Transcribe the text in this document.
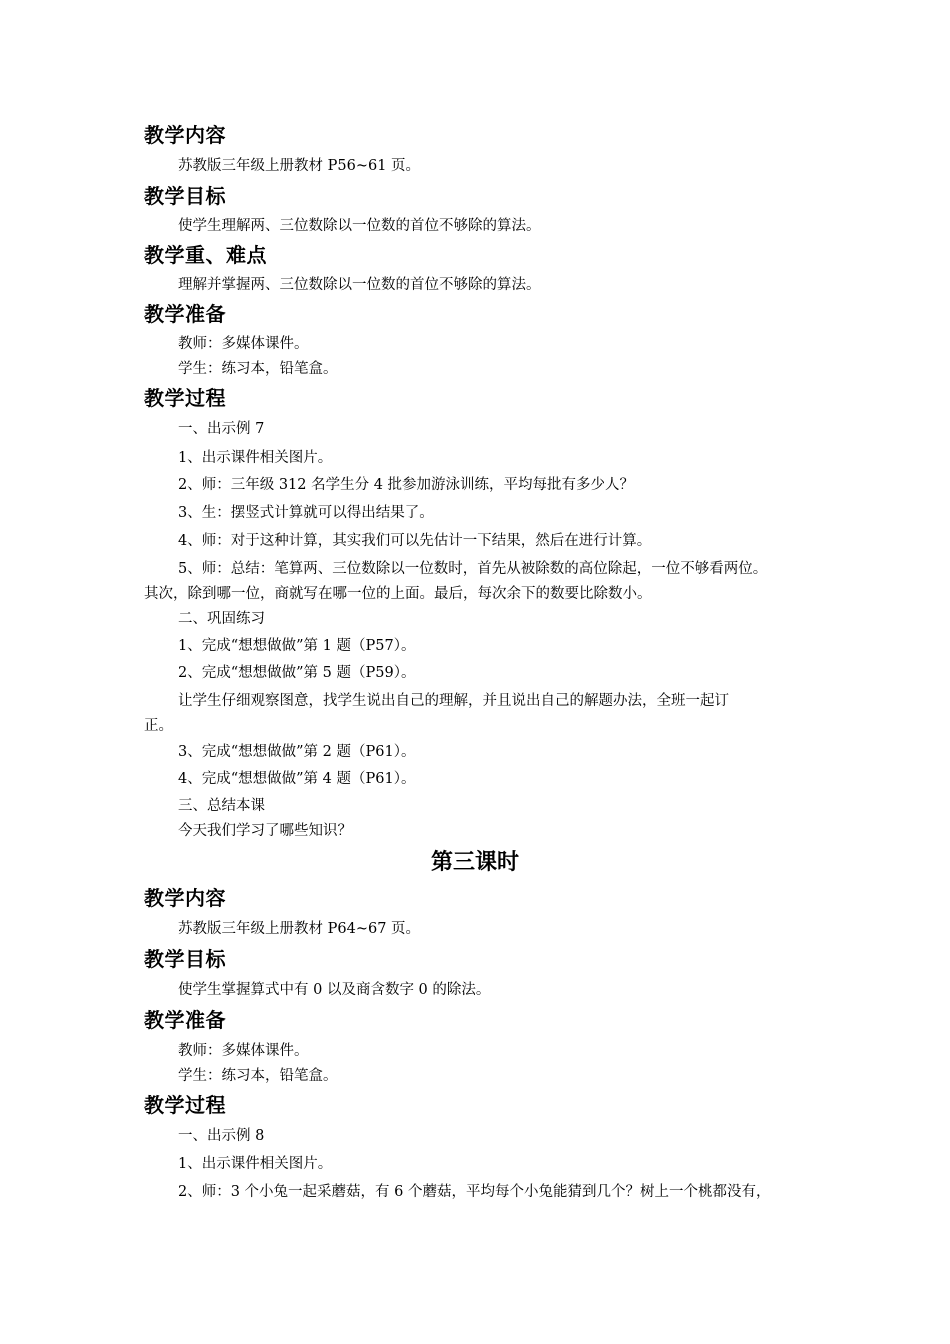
教学内容
苏教版三年级上册教材 P56~61 页。
教学目标
使学生理解两、三位数除以一位数的首位不够除的算法。
教学重、难点
理解并掌握两、三位数除以一位数的首位不够除的算法。
教学准备
教师：多媒体课件。
学生：练习本，铅笔盒。
教学过程
一、出示例 7
1、出示课件相关图片。
2、师：三年级 312 名学生分 4 批参加游泳训练，平均每批有多少人？
3、生：摆竖式计算就可以得出结果了。
4、师：对于这种计算，其实我们可以先估计一下结果，然后在进行计算。
5、师：总结：笔算两、三位数除以一位数时，首先从被除数的高位除起，一位不够看两位。
其次，除到哪一位，商就写在哪一位的上面。最后，每次余下的数要比除数小。
二、巩固练习
1、完成“想想做做”第 1 题（P57）。
2、完成“想想做做”第 5 题（P59）。
让学生仔细观察图意，找学生说出自己的理解，并且说出自己的解题办法，全班一起订
正。
3、完成“想想做做”第 2 题（P61）。
4、完成“想想做做”第 4 题（P61）。
三、总结本课
今天我们学习了哪些知识？
第三课时
教学内容
苏教版三年级上册教材 P64~67 页。
教学目标
使学生掌握算式中有 0 以及商含数字 0 的除法。
教学准备
教师：多媒体课件。
学生：练习本，铅笔盒。
教学过程
一、出示例 8
1、出示课件相关图片。
2、师：3 个小兔一起采蘑菇，有 6 个蘑菇，平均每个小兔能猜到几个？树上一个桃都没有，
